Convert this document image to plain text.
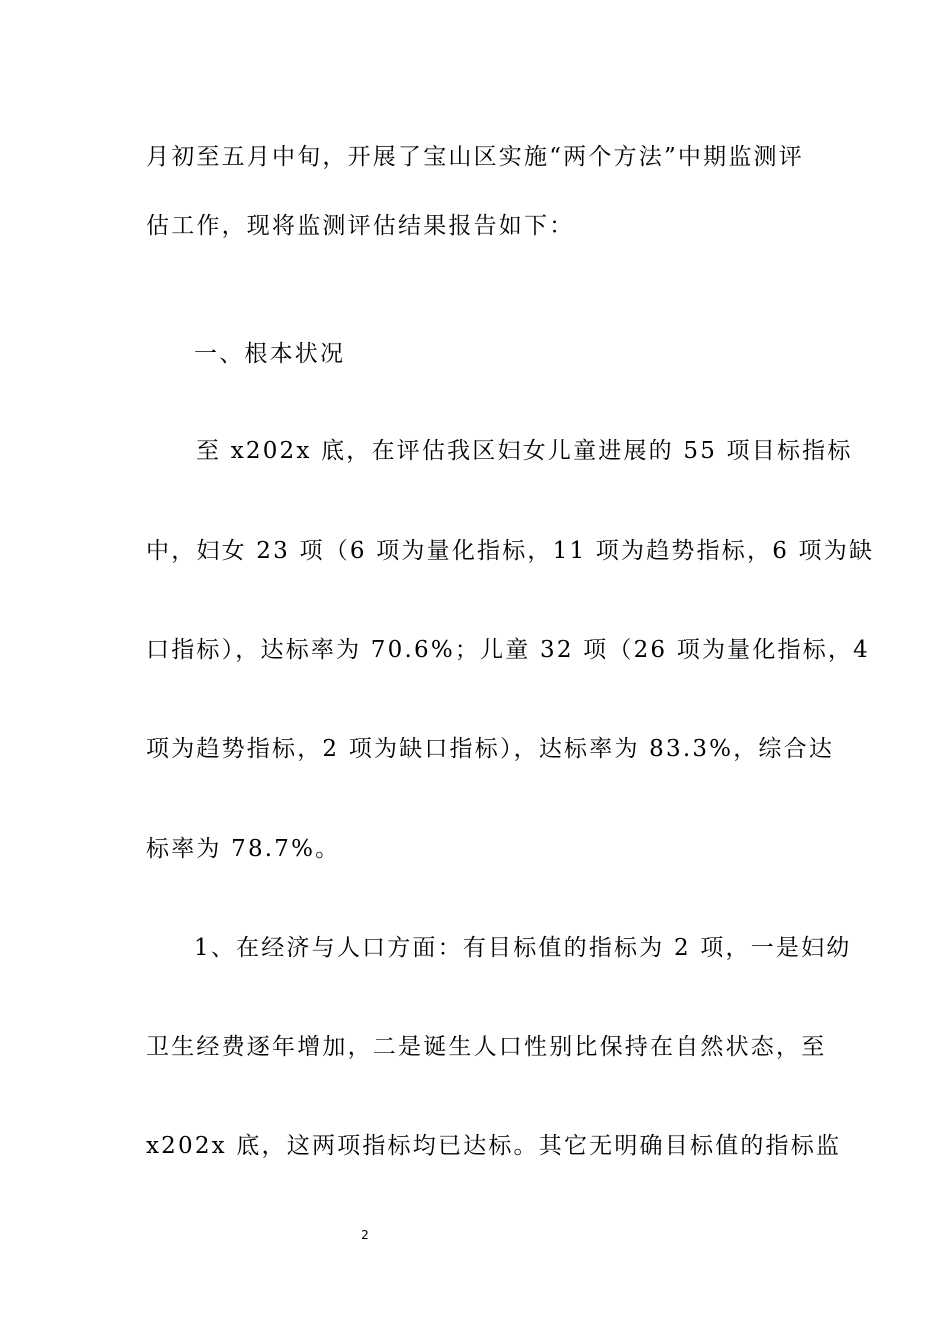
月初至五月中旬，开展了宝山区实施“两个方法”中期监测评
估工作，现将监测评估结果报告如下：
一、根本状况
至 x202x 底，在评估我区妇女儿童进展的 55 项目标指标
中，妇女 23 项（6 项为量化指标，11 项为趋势指标，6 项为缺
口指标），达标率为 70.6%；儿童 32 项（26 项为量化指标，4
项为趋势指标，2 项为缺口指标），达标率为 83.3%，综合达
标率为 78.7%。
1、在经济与人口方面：有目标值的指标为 2 项，一是妇幼
卫生经费逐年增加，二是诞生人口性别比保持在自然状态，至
x202x 底，这两项指标均已达标。其它无明确目标值的指标监
2
